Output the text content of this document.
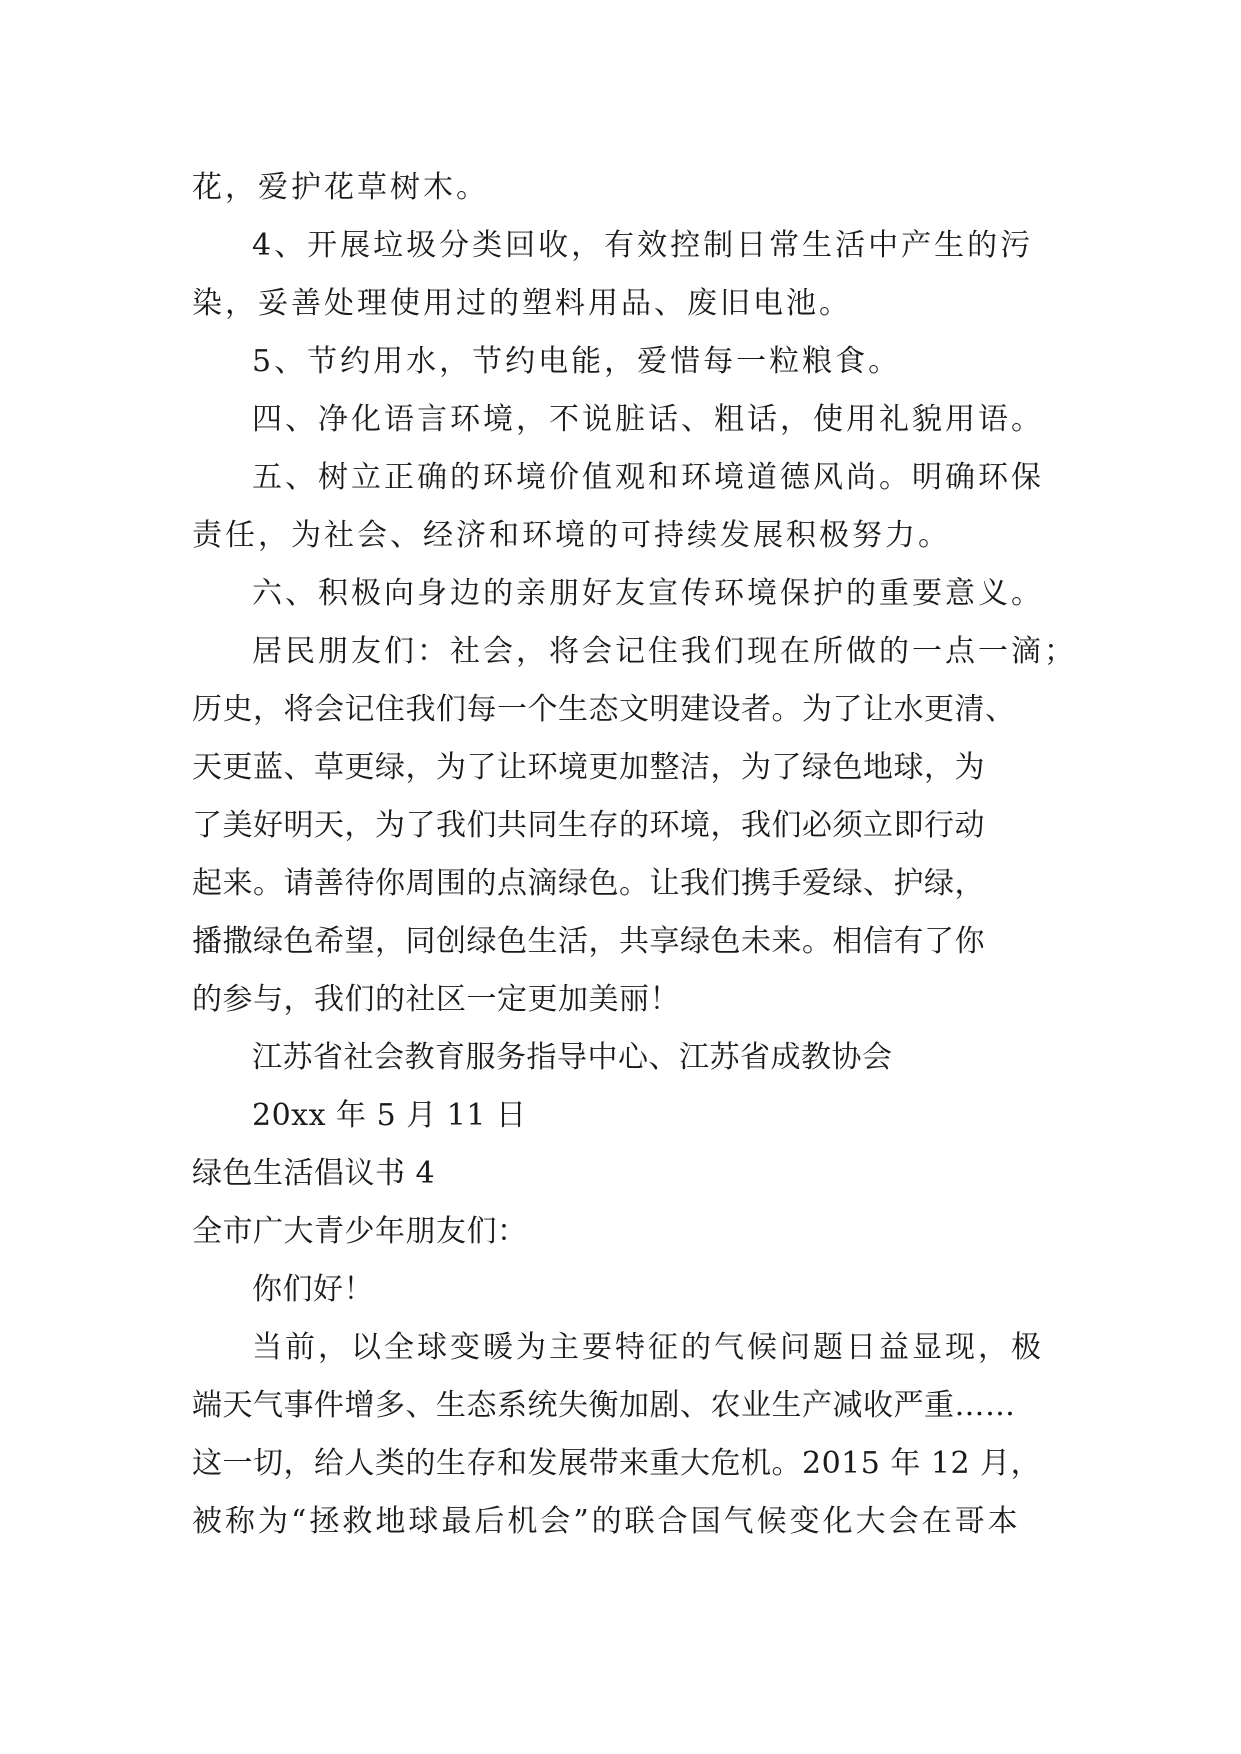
花，爱护花草树木。
4、开展垃圾分类回收，有效控制日常生活中产生的污
染，妥善处理使用过的塑料用品、废旧电池。
5、节约用水，节约电能，爱惜每一粒粮食。
四、净化语言环境，不说脏话、粗话，使用礼貌用语。
五、树立正确的环境价值观和环境道德风尚。明确环保
责任，为社会、经济和环境的可持续发展积极努力。
六、积极向身边的亲朋好友宣传环境保护的重要意义。
居民朋友们：社会，将会记住我们现在所做的一点一滴；
历史，将会记住我们每一个生态文明建设者。为了让水更清、
天更蓝、草更绿，为了让环境更加整洁，为了绿色地球，为
了美好明天，为了我们共同生存的环境，我们必须立即行动
起来。请善待你周围的点滴绿色。让我们携手爱绿、护绿，
播撒绿色希望，同创绿色生活，共享绿色未来。相信有了你
的参与，我们的社区一定更加美丽！
江苏省社会教育服务指导中心、江苏省成教协会
20xx 年 5 月 11 日
绿色生活倡议书 4
全市广大青少年朋友们：
你们好！
当前，以全球变暖为主要特征的气候问题日益显现，极
端天气事件增多、生态系统失衡加剧、农业生产减收严重……
这一切，给人类的生存和发展带来重大危机。2015 年 12 月，
被称为“拯救地球最后机会”的联合国气候变化大会在哥本
